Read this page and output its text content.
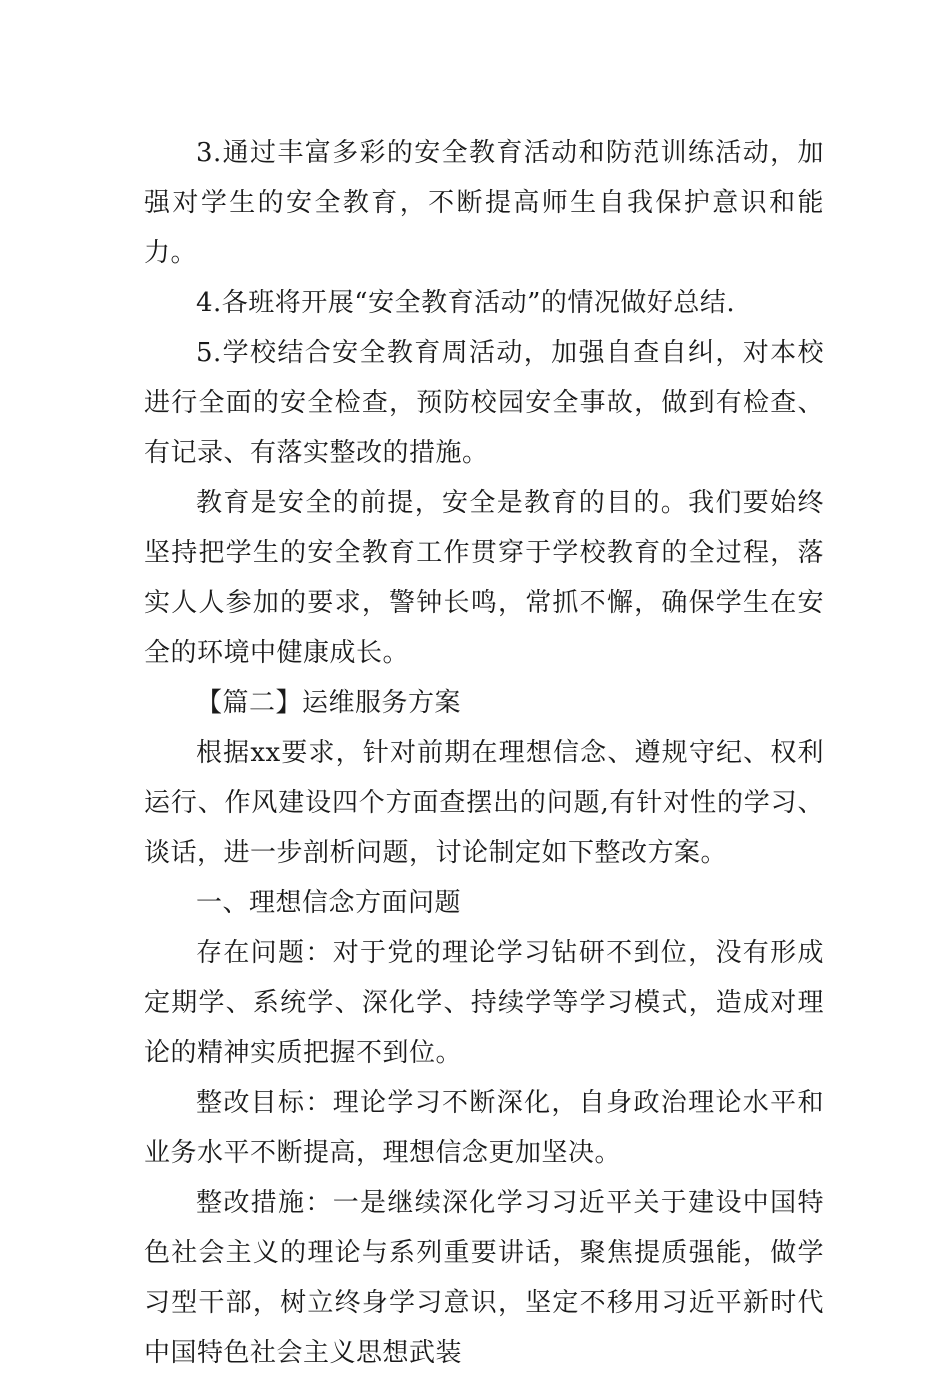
3.通过丰富多彩的安全教育活动和防范训练活动，加强对学生的安全教育，不断提高师生自我保护意识和能力。

4.各班将开展“安全教育活动”的情况做好总结.

5.学校结合安全教育周活动，加强自查自纠，对本校进行全面的安全检查，预防校园安全事故，做到有检查、有记录、有落实整改的措施。

教育是安全的前提，安全是教育的目的。我们要始终坚持把学生的安全教育工作贯穿于学校教育的全过程，落实人人参加的要求，警钟长鸣，常抓不懈，确保学生在安全的环境中健康成长。

【篇二】运维服务方案

根据xx要求，针对前期在理想信念、遵规守纪、权利运行、作风建设四个方面查摆出的问题,有针对性的学习、谈话，进一步剖析问题，讨论制定如下整改方案。

一、理想信念方面问题

存在问题：对于党的理论学习钻研不到位，没有形成定期学、系统学、深化学、持续学等学习模式，造成对理论的精神实质把握不到位。

整改目标：理论学习不断深化，自身政治理论水平和业务水平不断提高，理想信念更加坚决。

整改措施：一是继续深化学习习近平关于建设中国特色社会主义的理论与系列重要讲话，聚焦提质强能，做学习型干部，树立终身学习意识，坚定不移用习近平新时代中国特色社会主义思想武装
